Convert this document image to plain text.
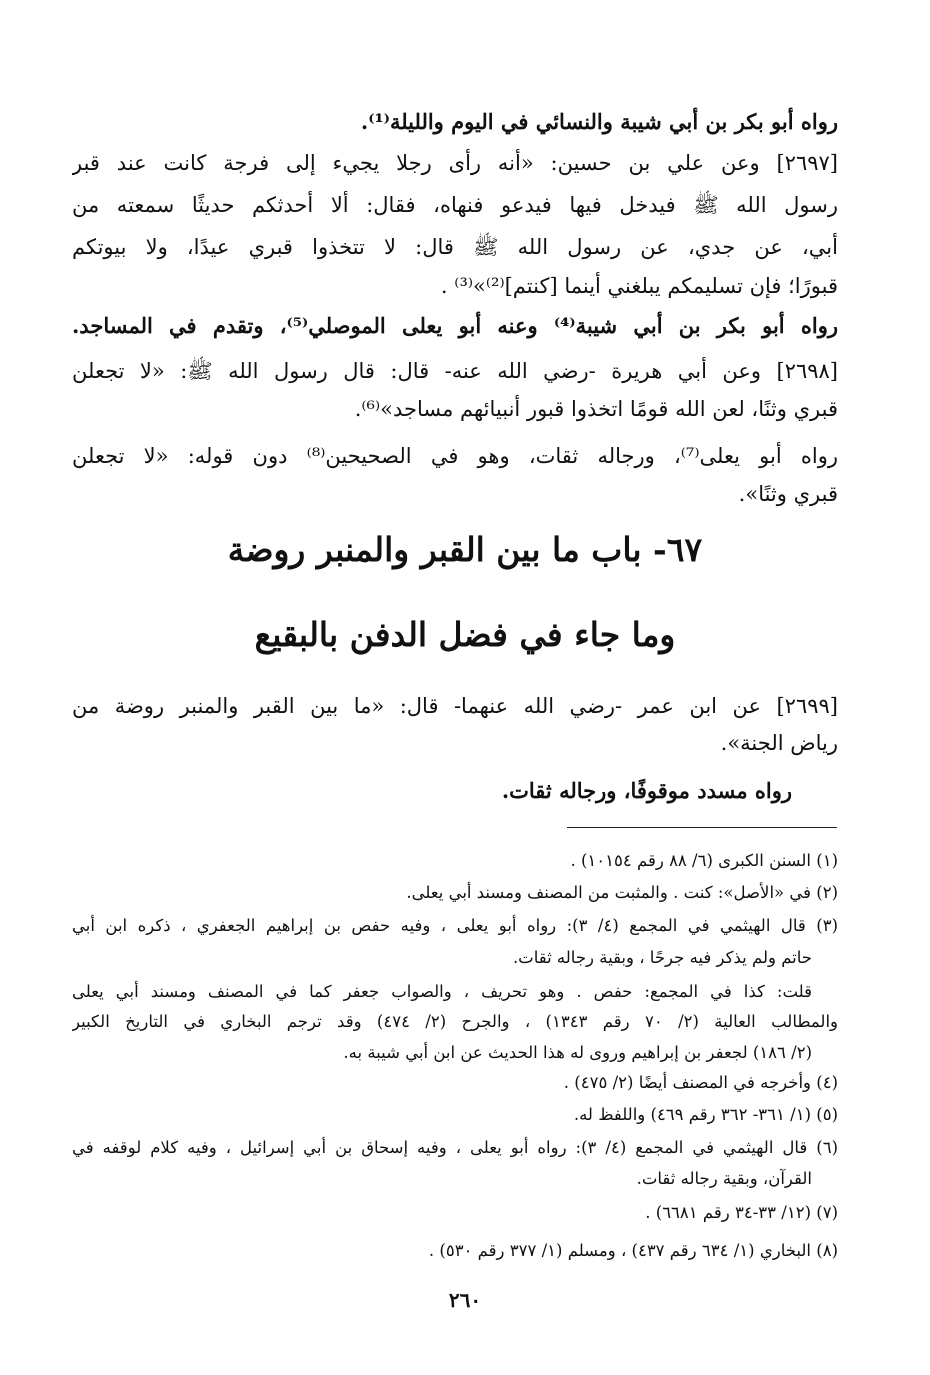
رواه أبو بكر بن أبي شيبة والنسائي في اليوم والليلة⁽¹⁾.
[٢٦٩٧] وعن علي بن حسين: «أنه رأى رجلا يجيء إلى فرجة كانت عند قبر
رسول الله ﷺ فيدخل فيها فيدعو فنهاه، فقال: ألا أحدثكم حديثًا سمعته من
أبي، عن جدي، عن رسول الله ﷺ قال: لا تتخذوا قبري عيدًا، ولا بيوتكم
قبورًا؛ فإن تسليمكم يبلغني أينما [كنتم]⁽²⁾»⁽³⁾ .
رواه أبو بكر بن أبي شيبة⁽⁴⁾ وعنه أبو يعلى الموصلي⁽⁵⁾، وتقدم في المساجد.
[٢٦٩٨] وعن أبي هريرة -رضي الله عنه- قال: قال رسول الله ﷺ: «لا تجعلن
قبري وثنًا، لعن الله قومًا اتخذوا قبور أنبيائهم مساجد»⁽⁶⁾.
رواه أبو يعلى⁽⁷⁾، ورجاله ثقات، وهو في الصحيحين⁽⁸⁾ دون قوله: «لا تجعلن
قبري وثنًا».
٦٧- باب ما بين القبر والمنبر روضة
وما جاء في فضل الدفن بالبقيع
[٢٦٩٩] عن ابن عمر -رضي الله عنهما- قال: «ما بين القبر والمنبر روضة من
رياض الجنة».
رواه مسدد موقوفًا، ورجاله ثقات.
(١) السنن الكبرى (٦/ ٨٨ رقم ١٠١٥٤) .
(٢) في «الأصل»: كنت . والمثبت من المصنف ومسند أبي يعلى.
(٣) قال الهيثمي في المجمع (٤/ ٣): رواه أبو يعلى ، وفيه حفص بن إبراهيم الجعفري ، ذكره ابن أبي
حاتم ولم يذكر فيه جرحًا ، وبقية رجاله ثقات.
قلت: كذا في المجمع: حفص . وهو تحريف ، والصواب جعفر كما في المصنف ومسند أبي يعلى
والمطالب العالية (٢/ ٧٠ رقم ١٣٤٣) ، والجرح (٢/ ٤٧٤) وقد ترجم البخاري في التاريخ الكبير
(٢/ ١٨٦) لجعفر بن إبراهيم وروى له هذا الحديث عن ابن أبي شيبة به.
(٤) وأخرجه في المصنف أيضًا (٢/ ٤٧٥) .
(٥) (١/ ٣٦١- ٣٦٢ رقم ٤٦٩) واللفظ له.
(٦) قال الهيثمي في المجمع (٤/ ٣): رواه أبو يعلى ، وفيه إسحاق بن أبي إسرائيل ، وفيه كلام لوقفه في
القرآن، وبقية رجاله ثقات.
(٧) (١٢/ ٣٣-٣٤ رقم ٦٦٨١) .
(٨) البخاري (١/ ٦٣٤ رقم ٤٣٧) ، ومسلم (١/ ٣٧٧ رقم ٥٣٠) .
٢٦٠
